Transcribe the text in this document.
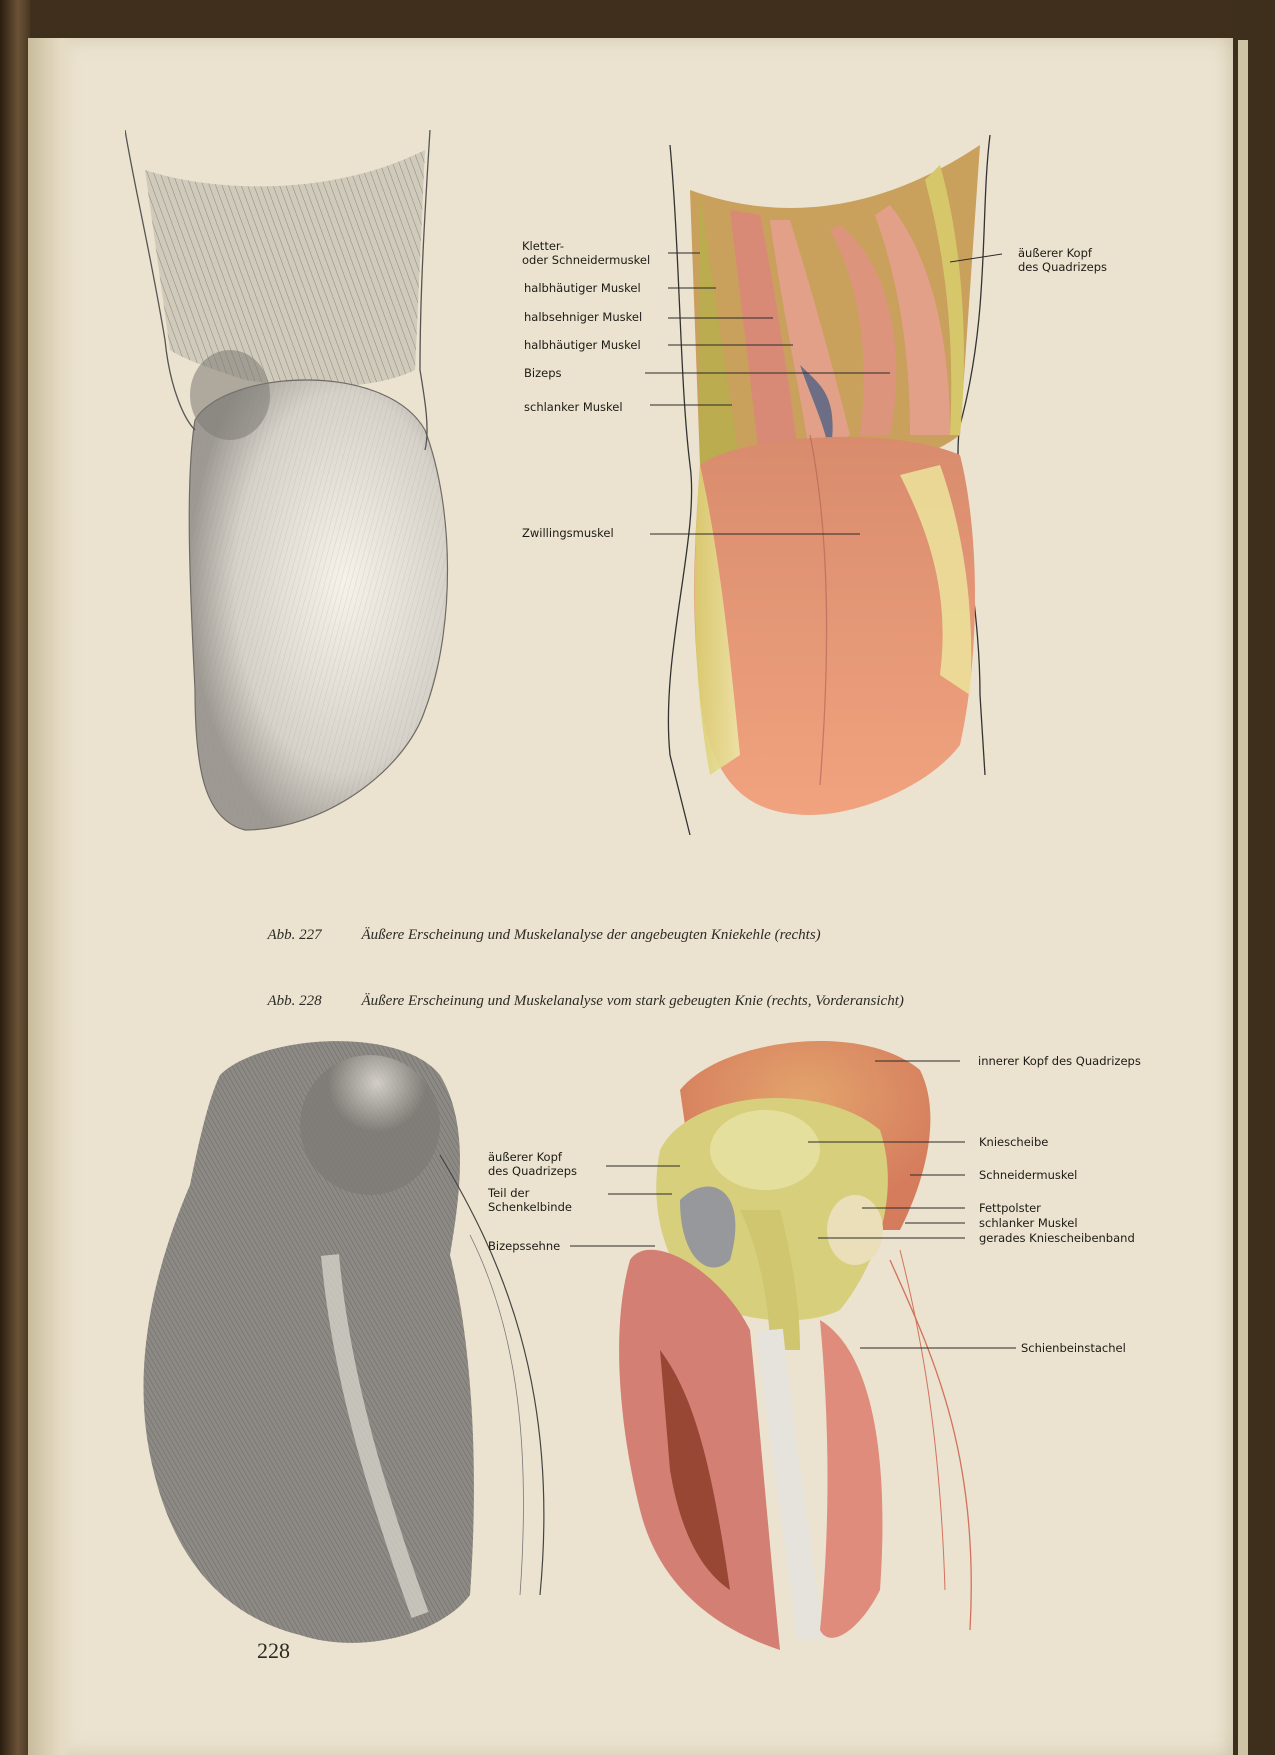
Kletter-
oder Schneidermuskel
halbhäutiger Muskel
halbsehniger Muskel
halbhäutiger Muskel
Bizeps
schlanker Muskel
Zwillingsmuskel
äußerer Kopf
des Quadrizeps

Abb. 227	Äußere Erscheinung und Muskelanalyse der angebeugten Kniekehle (rechts)

Abb. 228	Äußere Erscheinung und Muskelanalyse vom stark gebeugten Knie (rechts, Vorderansicht)

innerer Kopf des Quadrizeps
Kniescheibe
Schneidermuskel
Fettpolster
schlanker Muskel
gerades Kniescheibenband
Schienbeinstachel
äußerer Kopf
des Quadrizeps
Teil der
Schenkelbinde
Bizepssehne
228
